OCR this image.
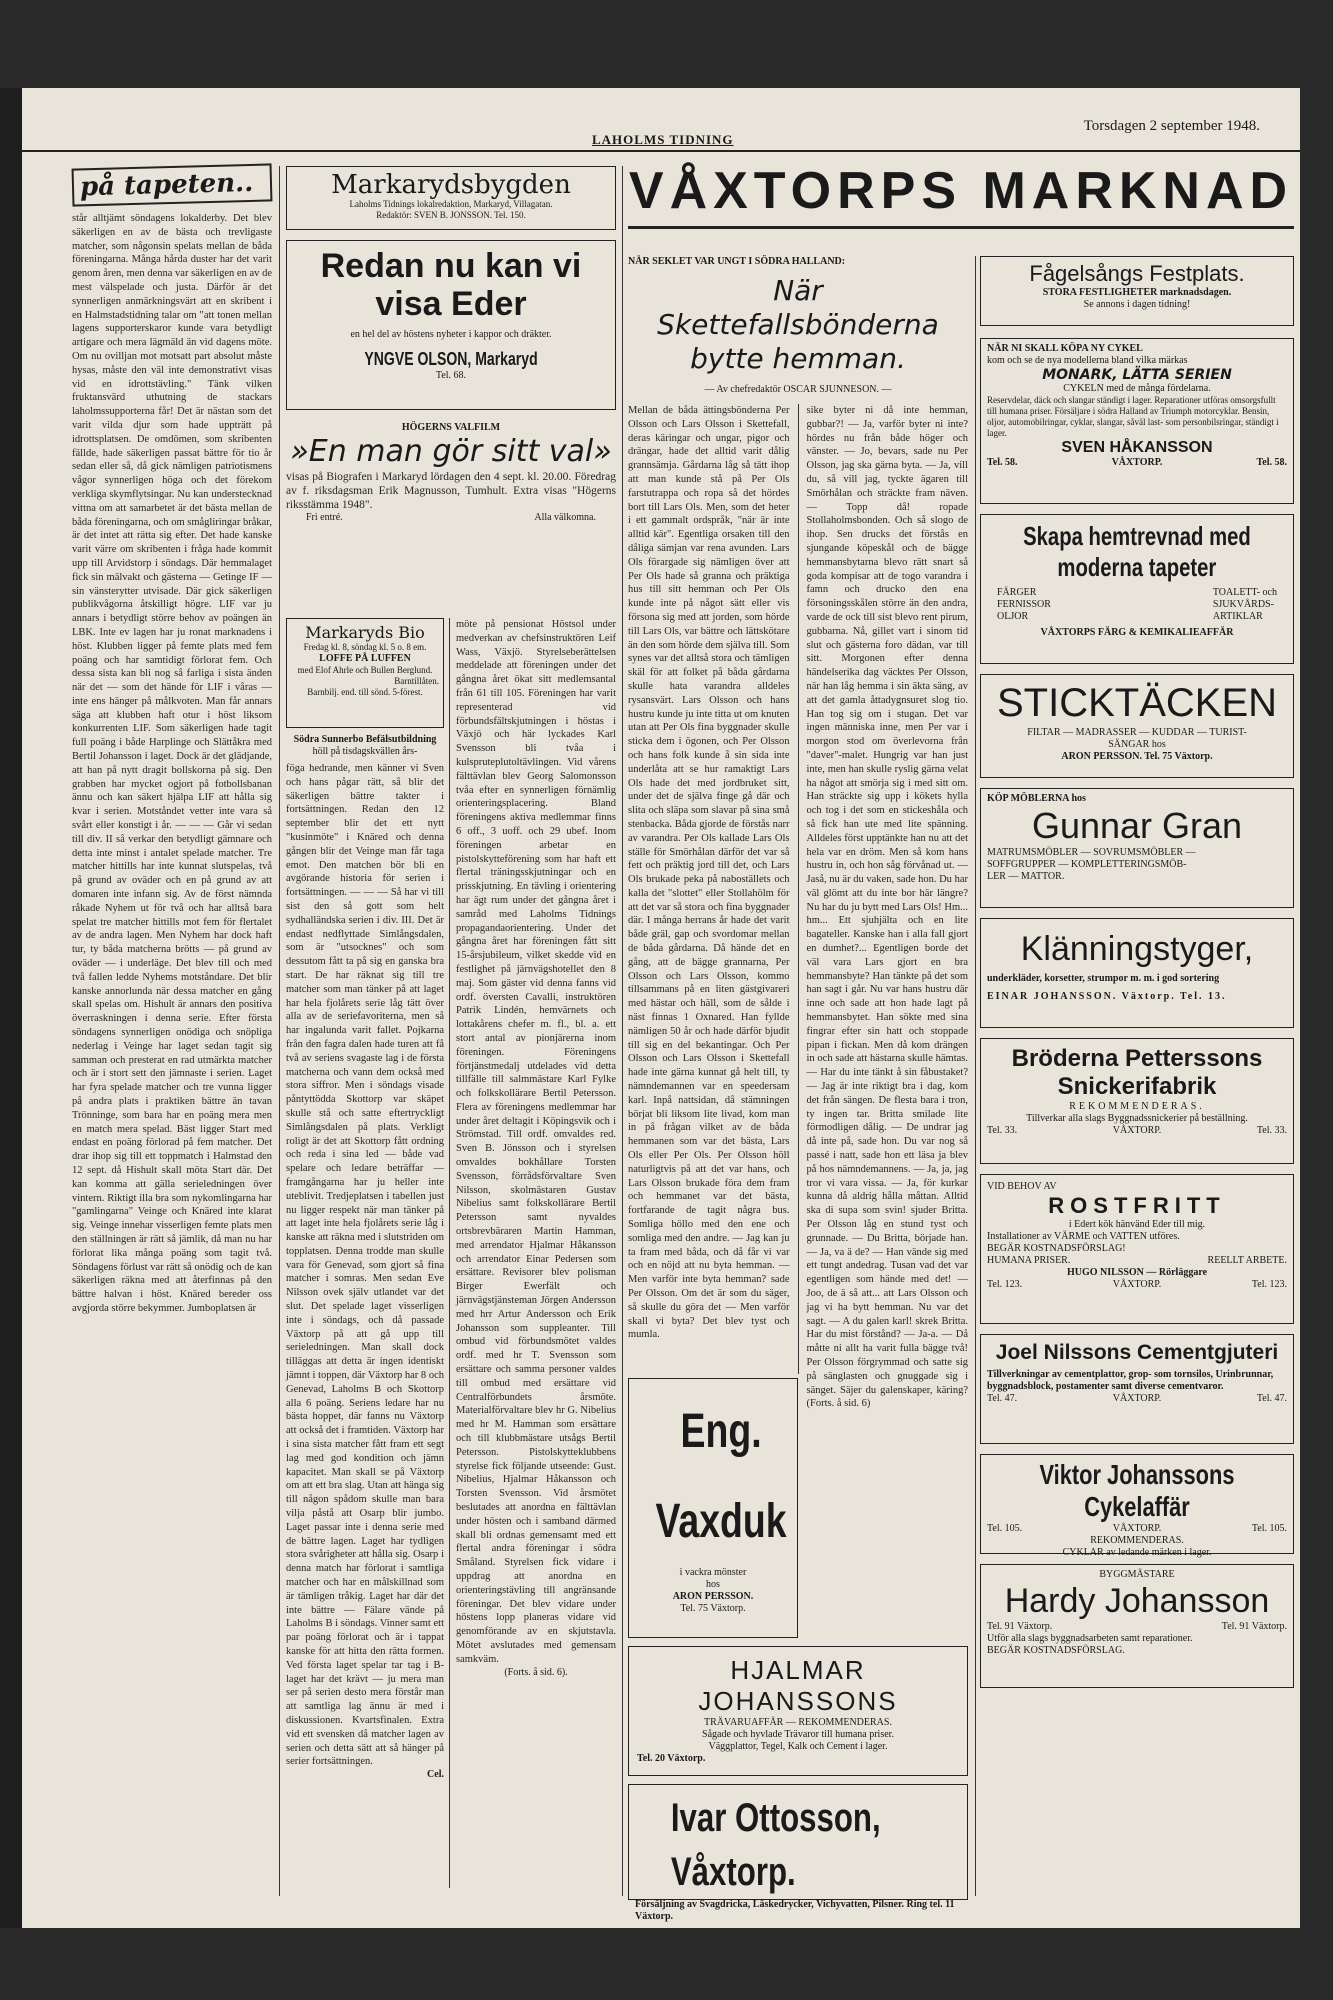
LAHOLMS TIDNING
Torsdagen 2 september 1948.
på tapeten..
står alltjämt söndagens lokalderby. Det blev säkerligen en av de bästa och trevligaste matcher, som någonsin spelats mellan de båda föreningarna. Många hårda duster har det varit genom åren, men denna var säkerligen en av de mest välspelade och justa. Därför är det synnerligen anmärkningsvärt att en skribent i en Halmstadstidning talar om "att tonen mellan lagens supporterskaror kunde vara betydligt artigare och mera lägmäld än vid dagens möte. Om nu ovilljan mot motsatt part absolut måste hysas, måste den väl inte demonstrativt visas vid en idrottstävling." Tänk vilken fruktansvärd uthutning de stackars laholmssupporterna får! Det är nästan som det varit vilda djur som hade uppträtt på idrottsplatsen. De omdömen, som skribenten fällde, hade säkerligen passat bättre för tio år sedan eller så, då gick nämligen patriotismens vågor synnerligen höga och det förekom verkliga skymflytsingar. Nu kan understecknad vittna om att samarbetet är det bästa mellan de båda föreningarna, och om smågliringar bråkar, är det intet att rätta sig efter. Det hade kanske varit värre om skribenten i fråga hade kommit upp till Arvidstorp i söndags. Där hemmalaget fick sin mälvakt och gästerna — Getinge IF — sin vänsterytter utvisade. Där gick säkerligen publikvågorna åtskilligt högre. LIF var ju annars i betydligt större behov av poängen än LBK. Inte ev lagen har ju ronat marknadens i höst. Klubben ligger på femte plats med fem poäng och har samtidigt förlorat fem. Och dessa sista kan bli nog så farliga i sista änden när det — som det hände för LIF i våras — inte ens hänger på målkvoten. Man får annars säga att klubben haft otur i höst liksom konkurrenten LIF. Som säkerligen hade tagit full poäng i både Harplinge och Slättåkra med Bertil Johansson i laget. Dock är det glädjande, att han på nytt dragit bollskorna på sig. Den grabben har mycket ogjort på fotbollsbanan ännu och kan säkert hjälpa LIF att hålla sig kvar i serien. Motståndet vetter inte vara så svårt eller konstigt i år. — — — Går vi sedan till div. II så verkar den betydligt gämnare och detta inte minst i antalet spelade matcher. Tre matcher hittills har inte kunnat slutspelas, två på grund av oväder och en på grund av att domaren inte infann sig. Av de först nämnda råkade Nyhem ut för två och har alltså bara spelat tre matcher hittills mot fem för flertalet av de andra lagen. Men Nyhem har dock haft tur, ty båda matcherna brötts — på grund av oväder — i underläge. Det blev till och med två fallen ledde Nyhems motståndare. Det blir kanske annorlunda när dessa matcher en gång skall spelas om. Hishult är annars den positiva överraskningen i denna serie. Efter första söndagens synnerligen onödiga och snöpliga nederlag i Veinge har laget sedan tagit sig samman och presterat en rad utmärkta matcher och är i stort sett den jämnaste i serien. Laget har fyra spelade matcher och tre vunna ligger på andra plats i praktiken bättre än tavan Trönninge, som bara har en poäng mera men en match mera spelad. Bäst ligger Start med endast en poäng förlorad på fem matcher. Det drar ihop sig till ett toppmatch i Halmstad den 12 sept. då Hishult skall möta Start där. Det kan komma att gälla serieledningen över vintern. Riktigt illa bra som nykomlingarna har "gamlingarna" Veinge och Knäred inte klarat sig. Veinge innehar visserligen femte plats men den ställningen är rätt så jämlik, då man nu har förlorat lika många poäng som tagit två. Söndagens förlust var rätt så onödig och de kan säkerligen räkna med att återfinnas på den bättre halvan i höst. Knäred bereder oss avgjorda större bekymmer. Jumboplatsen är
Markarydsbygden
Laholms Tidnings lokalredaktion, Markaryd, Villagatan.
Redaktör: SVEN B. JONSSON. Tel. 150.
Redan nu kan vi visa Eder
en hel del av höstens nyheter i kappor och dräkter.
YNGVE OLSON, Markaryd
Tel. 68.
HÖGERNS VALFILM
»En man gör sitt val»
visas på Biografen i Markaryd lördagen den 4 sept. kl. 20.00. Föredrag av f. riksdagsman Erik Magnusson, Tumhult. Extra visas "Högerns riksstämma 1948".
Fri entré.	Alla välkomna.
Markaryds Bio
Fredag kl. 8, söndag kl. 5 o. 8 em.
LOFFE PÅ LUFFEN
med Elof Ahrle och Bullen Berglund.
Barntillåten.
Barnbilj. end. till sönd. 5-förest.
Södra Sunnerbo Befälsutbildning
höll på tisdagskvällen års-
föga hedrande, men känner vi Sven och hans pågar rätt, så blir det säkerligen bättre takter i fortsättningen. Redan den 12 september blir det ett nytt "kusinmöte" i Knäred och denna gången blir det Veinge man får taga emot. Den matchen bör bli en avgörande historia för serien i fortsättningen. — — — Så har vi till sist den så gott som helt sydhalländska serien i div. III. Det är endast nedflyttade Simlångsdalen, som är "utsocknes" och som dessutom fått ta på sig en ganska bra start. De har räknat sig till tre matcher som man tänker på att laget har hela fjolårets serie låg tätt över alla av de seriefavoriterna, men så har ingalunda varit fallet. Pojkarna från den fagra dalen hade turen att få två av seriens svagaste lag i de första matcherna och vann dem också med stora siffror. Men i söndags visade påntyttödda Skottorp var skäpet skulle stå och satte eftertryckligt Simlångsdalen på plats. Verkligt roligt är det att Skottorp fått ordning och reda i sina led — både vad spelare och ledare beträffar — framgångarna har ju heller inte uteblivit. Tredjeplatsen i tabellen just nu ligger respekt när man tänker på att laget inte hela fjolårets serie låg i kanske att räkna med i slutstriden om topplatsen. Denna trodde man skulle vara för Genevad, som gjort så fina matcher i somras. Men sedan Eve Nilsson ovek själv utlandet var det slut. Det spelade laget visserligen inte i söndags, och då passade Växtorp på att gå upp till serieledningen. Man skall dock tilläggas att detta är ingen identiskt jämnt i toppen, där Växtorp har 8 och Genevad, Laholms B och Skottorp alla 6 poäng. Seriens ledare har nu bästa hoppet, där fanns nu Växtorp att också det i framtiden. Växtorp har i sina sista matcher fått fram ett segt lag med god kondition och jämn kapacitet. Man skall se på Växtorp om att ett bra slag. Utan att hänga sig till någon spådom skulle man bara vilja påstå att Osarp blir jumbo. Laget passar inte i denna serie med de bättre lagen. Laget har tydligen stora svårigheter att hålla sig. Osarp i denna match har förlorat i samtliga matcher och har en målskillnad som är tämligen tråkig. Laget har där det inte bättre — Fälare vände på Laholms B i söndags. Vinner samt ett par poäng förlorat och är i tappat kanske för att hitta den rätta formen. Ved första laget spelar tar tag i B-laget har det krävt — ju mera man ser på serien desto mera förstår man att samtliga lag ännu är med i diskussionen. Kvartsfinalen. Extra vid ett svensken då matcher lagen av serien och detta sätt att så hänger på serier fortsättningen.
Cel.
möte på pensionat Höstsol under medverkan av chefsinstruktören Leif Wass, Växjö. Styrelseberättelsen meddelade att föreningen under det gångna året ökat sitt medlemsantal från 61 till 105. Föreningen har varit representerad vid förbundsfältskjutningen i höstas i Växjö och här lyckades Karl Svensson bli tvåa i kulspruteplutoltävlingen. Vid vårens fälttävlan blev Georg Salomonsson tvåa efter en synnerligen förnämlig orienteringsplacering. Bland föreningens aktiva medlemmar finns 6 off., 3 uoff. och 29 ubef. Inom föreningen arbetar en pistolskytteförening som har haft ett flertal träningsskjutningar och en prisskjutning. En tävling i orientering har ägt rum under det gångna året i samråd med Laholms Tidnings propagandaorientering. Under det gångna året har föreningen fått sitt 15-årsjubileum, vilket skedde vid en festlighet på järnvägshotellet den 8 maj. Som gäster vid denna fanns vid ordf. översten Cavalli, instruktören Patrik Lindén, hemvärnets och lottakårens chefer m. fl., bl. a. ett stort antal av pionjärerna inom föreningen. Föreningens förtjänstmedalj utdelades vid detta tillfälle till salmmästare Karl Fylke och folkskollärare Bertil Petersson. Flera av föreningens medlemmar har under året deltagit i Köpingsvik och i Strömstad. Till ordf. omvaldes red. Sven B. Jönsson och i styrelsen omvaldes bokhållare Torsten Svensson, förrådsförvaltare Sven Nilsson, skolmästaren Gustav Nibelius samt folkskollärare Bertil Petersson samt nyvaldes ortsbrevbäraren Martin Hamman, med arrendator Hjalmar Håkansson och arrendator Einar Pedersen som ersättare. Revisorer blev polisman Birger Ewerfält och järnvägstjänsteman Jörgen Andersson med hrr Artur Andersson och Erik Johansson som suppleanter. Till ombud vid förbundsmötet valdes ordf. med hr T. Svensson som ersättare och samma personer valdes till ombud med ersättare vid Centralförbundets årsmöte. Materialförvaltare blev hr G. Nibelius med hr M. Hamman som ersättare och till klubbmästare utsågs Bertil Petersson. Pistolskytteklubbens styrelse fick följande utseende: Gust. Nibelius, Hjalmar Håkansson och Torsten Svensson. Vid årsmötet beslutades att anordna en fälttävlan under hösten och i samband därmed skall bli ordnas gemensamt med ett flertal andra föreningar i södra Småland. Styrelsen fick vidare i uppdrag att anordna en orienteringstävling till angränsande föreningar. Det blev vidare under höstens lopp planeras vidare vid genomförande av en skjutstavla. Mötet avslutades med gemensam samkväm.
(Forts. å sid. 6).
VÅXTORPS MARKNAD
NÄR SEKLET VAR UNGT I SÖDRA HALLAND:
När Skettefallsbönderna
bytte hemman.
— Av chefredaktör OSCAR SJUNNESON. —
Mellan de båda ättingsbönderna Per Olsson och Lars Olsson i Skettefall, deras käringar och ungar, pigor och drängar, hade det alltid varit dålig grannsämja. Gårdarna låg så tätt ihop att man kunde stå på Per Ols farstutrappa och ropa så det hördes bort till Lars Ols. Men, som det heter i ett gammalt ordspråk, "när är inte alltid kär". Egentliga orsaken till den dåliga sämjan var rena avunden. Lars Ols förargade sig nämligen över att Per Ols hade så granna och präktiga hus till sitt hemman och Per Ols kunde inte på något sätt eller vis försona sig med att jorden, som hörde till Lars Ols, var bättre och lättskötare än den som hörde dem själva till. Som synes var det alltså stora och tämligen skäl för att folket på båda gårdarna skulle hata varandra alldeles rysansvärt. Lars Olsson och hans hustru kunde ju inte titta ut om knuten utan att Per Ols fina byggnader skulle sticka dem i ögonen, och Per Olsson och hans folk kunde å sin sida inte underlåta att se hur ramaktigt Lars Ols hade det med jordbruket sitt, under det de själva finge gå där och slita och släpa som slavar på sina små stenbacka. Båda gjorde de förstås narr av varandra. Per Ols kallade Lars Ols ställe för Smörhålan därför det var så fett och präktig jord till det, och Lars Ols brukade peka på naboställets och kalla det "slottet" eller Stollahölm för att det var så stora och fina byggnader där. I många herrans år hade det varit både gräl, gap och svordomar mellan de båda gårdarna. Då hände det en gång, att de bägge grannarna, Per Olsson och Lars Olsson, kommo tillsammans på en liten gästgivareri med hästar och häll, som de sålde i näst finnas 1 Oxnared. Han fyllde nämligen 50 år och hade därför bjudit till sig en del bekantingar. Och Per Olsson och Lars Olsson i Skettefall hade inte gärna kunnat gå helt till, ty nämndemannen var en speedersam karl. Inpå nattsidan, då stämningen börjat bli liksom lite livad, kom man in på frågan vilket av de båda hemmanen som var det bästa, Lars Ols eller Per Ols. Per Olsson höll naturligtvis på att det var hans, och Lars Olsson brukade föra dem fram och hemmanet var det bästa, fortfarande de tagit några bus. Somliga höllo med den ene och somliga med den andre. — Jag kan ju ta fram med båda, och då får vi var och en nöjd att nu byta hemman. — Men varför inte byta hemman? sade Per Olsson. Om det är som du säger, så skulle du göra det — Men varför skall vi byta? Det blev tyst och mumla.
sike byter ni då inte hemman, gubbar?! — Ja, varför byter ni inte? hördes nu från både höger och vänster. — Jo, bevars, sade nu Per Olsson, jag ska gärna byta. — Ja, vill du, så vill jag, tyckte ägaren till Smörhålan och sträckte fram näven. — Topp då! ropade Stollaholmsbonden. Och så slogo de ihop. Sen drucks det förstås en sjungande köpeskål och de bägge hemmansbytarna blevo rätt snart så goda kompisar att de togo varandra i famn och drucko den ena försoningsskålen större än den andra, varde de ock till sist blevo rent pirum, gubbarna. Nå, gillet vart i sinom tid slut och gästerna foro dädan, var till sitt. Morgonen efter denna händelserika dag väcktes Per Olsson, när han låg hemma i sin äkta säng, av att det gamla åttadygnsuret slog tio. Han tog sig om i stugan. Det var ingen människa inne, men Per var i morgon stod om överlevorna från "daver"-malet. Hungrig var han just inte, men han skulle ryslig gärna velat ha något att smörja sig i med sitt om. Han sträckte sig upp i kökets hylla och tog i det som en stickeshåla och så fick han ute med lite spänning. Alldeles först upptänkte han nu att det hela var en dröm. Men så kom hans hustru in, och hon såg förvånad ut. — Jaså, nu är du vaken, sade hon. Du har väl glömt att du inte bor här längre? Nu har du ju bytt med Lars Ols! Hm... hm... Ett sjuhjälta och en lite bagateller. Kanske han i alla fall gjort en dumhet?... Egentligen borde det väl vara Lars gjort en bra hemmansbyte? Han tänkte på det som han sagt i går. Nu var hans hustru där inne och sade att hon hade lagt på hemmansbytet. Han sökte med sina fingrar efter sin hatt och stoppade pipan i fickan. Men då kom drängen in och sade att hästarna skulle hämtas. — Har du inte tänkt å sin fåbustaket? — Jag är inte riktigt bra i dag, kom det från sängen. De flesta bara i tron, ty ingen tar. Britta smilade lite förmodligen dålig. — De undrar jag då inte på, sade hon. Du var nog så passé i natt, sade hon ett läsa ja blev på hos nämndemannens. — Ja, ja, jag tror vi vara vissa. — Ja, för kurkar kunna då aldrig hålla måttan. Alltid ska di supa som svin! sjuder Britta. Per Olsson låg en stund tyst och grunnade. — Du Britta, började han. — Ja, va ä de? — Han vände sig med ett tungt andedrag. Tusan vad det var egentligen som hände med det! — Joo, de ä så att... att Lars Olsson och jag vi ha bytt hemman. Nu var det sagt. — A du galen karl! skrek Britta. Har du mist förstånd? — Ja-a. — Då måtte ni allt ha varit fulla bägge två! Per Olsson förgrymmad och satte sig på sänglasten och gnuggade sig i sänget. Säjer du galenskaper, käring? (Forts. å sid. 6)
Eng. Vaxduk
i vackra mönster
hos
ARON PERSSON.
Tel. 75 Växtorp.
HJALMAR JOHANSSONS
TRÄVARUAFFÄR — REKOMMENDERAS.
Sågade och hyvlade Trävaror till humana priser.
Väggplattor, Tegel, Kalk och Cement i lager.
Tel. 20 Växtorp.
Ivar Ottosson, Våxtorp.
Försäljning av Svagdricka, Läskedrycker, Vichyvatten, Pilsner. Ring tel. 11 Växtorp.
Fågelsångs Festplats.
STORA FESTLIGHETER marknadsdagen.
Se annons i dagen tidning!
NÄR NI SKALL KÖPA NY CYKEL
kom och se de nya modellerna bland vilka märkas
MONARK, LÄTTA SERIEN
CYKELN med de många fördelarna.
Reservdelar, däck och slangar ständigt i lager. Reparationer utföras omsorgsfullt till humana priser. Försäljare i södra Halland av Triumph motorcyklar. Bensin, oljor, automobilringar, cyklar, slangar, såväl last- som personbilsringar, ständigt i lager.
SVEN HÅKANSSON
Tel. 58.	VÅXTORP.	Tel. 58.
Skapa hemtrevnad med
moderna tapeter
FÄRGER
FERNISSOR
OLJOR
TOALETT- och
SJUKVÅRDS-
ARTIKLAR
VÅXTORPS FÄRG & KEMIKALIEAFFÄR
STICKTÄCKEN
FILTAR — MADRASSER — KUDDAR — TURIST-
SÄNGAR hos
ARON PERSSON. Tel. 75 Växtorp.
KÖP MÖBLERNA hos
Gunnar Gran
MATRUMSMÖBLER — SOVRUMSMÖBLER —
SOFFGRUPPER — KOMPLETTERINGSMÖB-
LER — MATTOR.
Klänningstyger,
underkläder, korsetter, strumpor m. m. i god sortering
EINAR JOHANSSON. Växtorp. Tel. 13.
Bröderna Petterssons
Snickerifabrik
REKOMMENDERAS.
Tillverkar alla slags Byggnadssnickerier på beställning.
Tel. 33.	VÅXTORP.	Tel. 33.
VID BEHOV AV
ROSTFRITT
i Edert kök hänvänd Eder till mig.
Installationer av VÄRME och VATTEN utföres.
BEGÄR KOSTNADSFÖRSLAG!
HUMANA PRISER.	REELLT ARBETE.
HUGO NILSSON — Rörläggare
Tel. 123.	VÅXTORP.	Tel. 123.
Joel Nilssons Cementgjuteri
Tillverkningar av cementplattor, grop- som tornsilos, Urinbrunnar, byggnadsblock, postamenter samt diverse cementvaror.
Tel. 47.	VÅXTORP.	Tel. 47.
Viktor Johanssons Cykelaffär
Tel. 105.	VÅXTORP.	Tel. 105.
REKOMMENDERAS.
CYKLAR av ledande märken i lager.
BYGGMÄSTARE
Hardy Johansson
Tel. 91 Växtorp.	Tel. 91 Växtorp.
Utför alla slags byggnadsarbeten samt reparationer.
BEGÄR KOSTNADSFÖRSLAG.
